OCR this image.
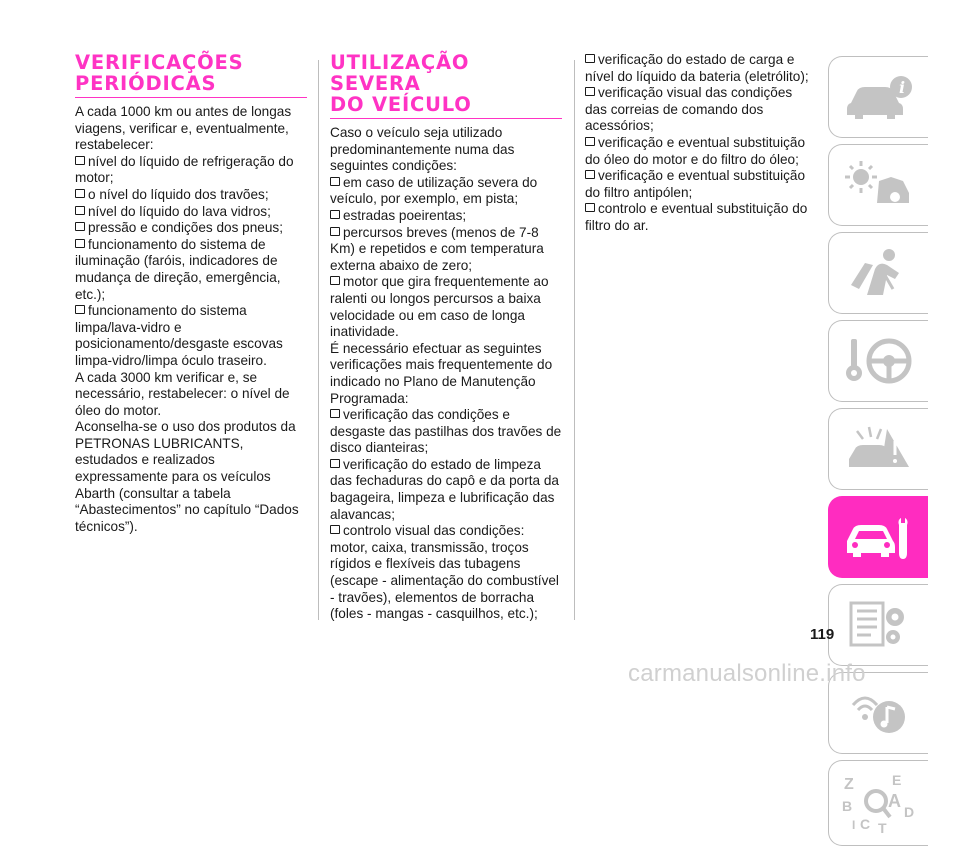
VERIFICAÇÕES
PERIÓDICAS
A cada 1000 km ou antes de longas viagens, verificar e, eventualmente, restabelecer:
nível do líquido de refrigeração do motor;
o nível do líquido dos travões;
nível do líquido do lava vidros;
pressão e condições dos pneus;
funcionamento do sistema de iluminação (faróis, indicadores de mudança de direção, emergência, etc.);
funcionamento do sistema limpa/lava-vidro e posicionamento/desgaste escovas limpa-vidro/limpa óculo traseiro.
A cada 3000 km verificar e, se necessário, restabelecer: o nível de óleo do motor.
Aconselha-se o uso dos produtos da PETRONAS LUBRICANTS, estudados e realizados expressamente para os veículos Abarth (consultar a tabela “Abastecimentos” no capítulo “Dados técnicos”).
UTILIZAÇÃO SEVERA
DO VEÍCULO
Caso o veículo seja utilizado predominantemente numa das seguintes condições:
em caso de utilização severa do veículo, por exemplo, em pista;
estradas poeirentas;
percursos breves (menos de 7-8 Km) e repetidos e com temperatura externa abaixo de zero;
motor que gira frequentemente ao ralenti ou longos percursos a baixa velocidade ou em caso de longa inatividade.
É necessário efectuar as seguintes verificações mais frequentemente do indicado no Plano de Manutenção Programada:
verificação das condições e desgaste das pastilhas dos travões de disco dianteiras;
verificação do estado de limpeza das fechaduras do capô e da porta da bagageira, limpeza e lubrificação das alavancas;
controlo visual das condições: motor, caixa, transmissão, troços rígidos e flexíveis das tubagens (escape - alimentação do combustível - travões), elementos de borracha (foles - mangas - casquilhos, etc.);
verificação do estado de carga e nível do líquido da bateria (eletrólito);
verificação visual das condições das correias de comando dos acessórios;
verificação e eventual substituição do óleo do motor e do filtro do óleo;
verificação e eventual substituição do filtro antipólen;
controlo e eventual substituição do filtro do ar.
i
Z	E
A
B
C
D
T
I
119
carmanualsonline.info
